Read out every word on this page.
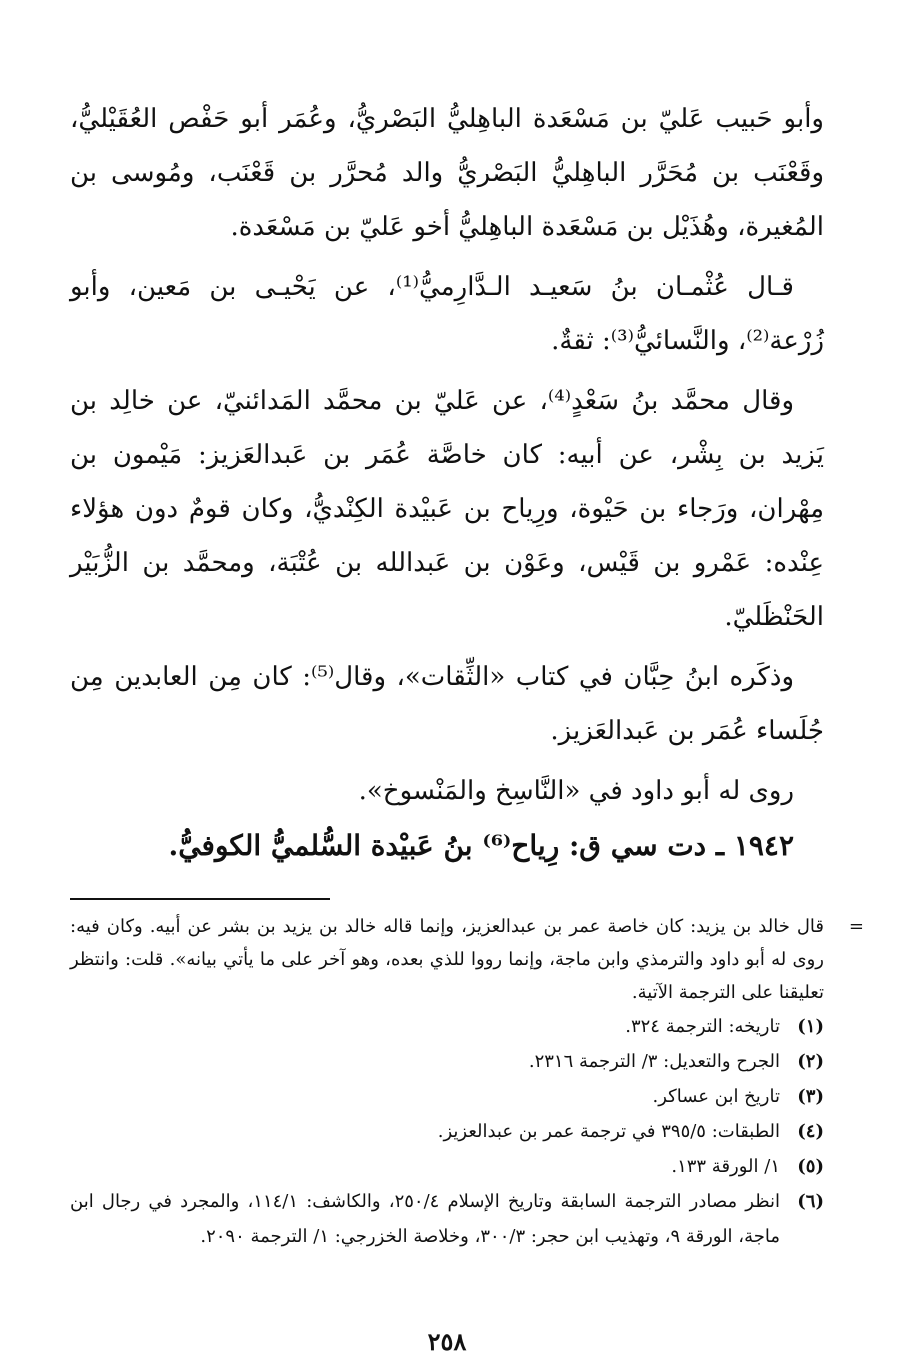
وأبو حَبيب عَليّ بن مَسْعَدة الباهِليُّ البَصْريُّ، وعُمَر أبو حَفْص العُقَيْليُّ، وقَعْنَب بن مُحَرَّر الباهِليُّ البَصْريُّ والد مُحرَّر بن قَعْنَب، ومُوسى بن المُغيرة، وهُذَيْل بن مَسْعَدة الباهِليُّ أخو عَليّ بن مَسْعَدة.

قـال عُثْمـان بنُ سَعيـد الـدَّارِميُّ⁽¹⁾، عن يَحْيـى بن مَعين، وأبو زُرْعة⁽²⁾، والنَّسائيُّ⁽³⁾: ثقةٌ.

وقال محمَّد بنُ سَعْدٍ⁽⁴⁾، عن عَليّ بن محمَّد المَدائنيّ، عن خالِد بن يَزيد بن بِشْر، عن أبيه: كان خاصَّة عُمَر بن عَبدالعَزيز: مَيْمون بن مِهْران، ورَجاء بن حَيْوة، ورِياح بن عَبيْدة الكِنْديُّ، وكان قومٌ دون هؤلاء عِنْده: عَمْرو بن قَيْس، وعَوْن بن عَبدالله بن عُتْبَة، ومحمَّد بن الزُّبَيْر الحَنْظَليّ.

وذكَره ابنُ حِبَّان في كتاب «الثِّقات»، وقال⁽⁵⁾: كان مِن العابدين مِن جُلَساء عُمَر بن عَبدالعَزيز.

روى له أبو داود في «النَّاسِخ والمَنْسوخ».

١٩٤٢ ـ دت سي ق: رِياح⁽⁶⁾ بنُ عَبيْدة السُّلميُّ الكوفيُّ.

=
قال خالد بن يزيد: كان خاصة عمر بن عبدالعزيز، وإنما قاله خالد بن يزيد بن بشر عن أبيه. وكان فيه: روى له أبو داود والترمذي وابن ماجة، وإنما رووا للذي بعده، وهو آخر على ما يأتي بيانه». قلت: وانتظر تعليقنا على الترجمة الآتية.

(١)
تاريخه: الترجمة ٣٢٤.
(٢)
الجرح والتعديل: ٣/ الترجمة ٢٣١٦.
(٣)
تاريخ ابن عساكر.
(٤)
الطبقات: ٣٩٥/٥ في ترجمة عمر بن عبدالعزيز.
(٥)
١/ الورقة ١٣٣.
(٦)
انظر مصادر الترجمة السابقة وتاريخ الإسلام ٢٥٠/٤، والكاشف: ١١٤/١، والمجرد في رجال ابن ماجة، الورقة ٩، وتهذيب ابن حجر: ٣٠٠/٣، وخلاصة الخزرجي: ١/ الترجمة ٢٠٩٠.
٢٥٨
